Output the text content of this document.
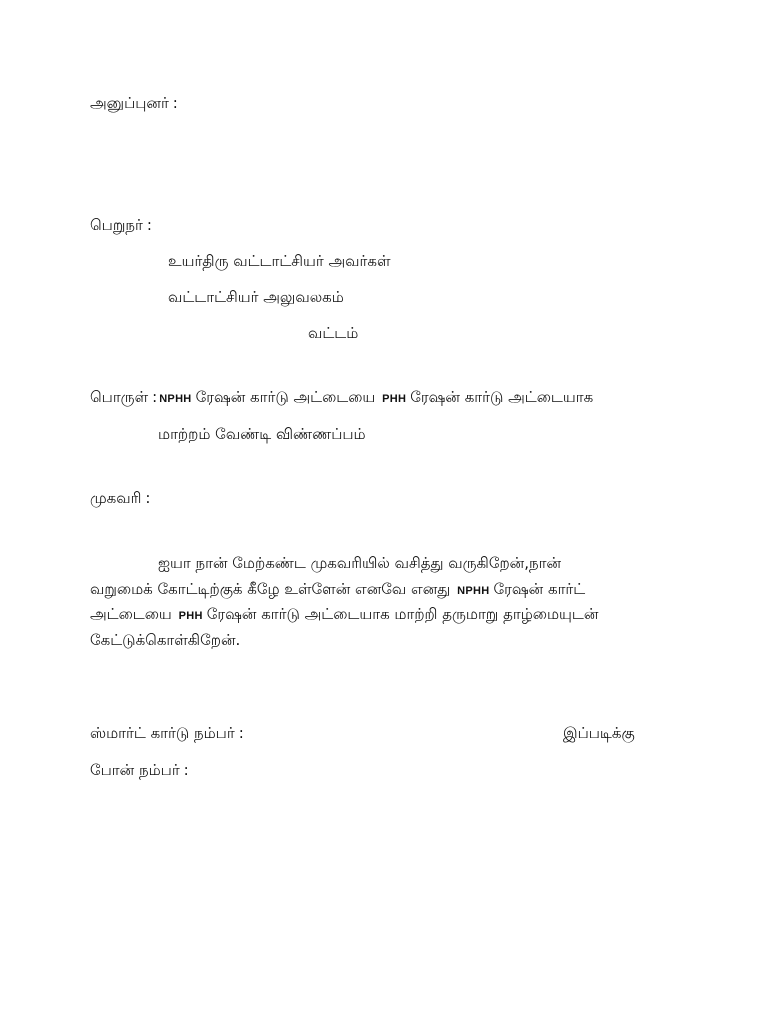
அனுப்புனர் :
பெறுநர் :
உயர்திரு வட்டாட்சியர் அவர்கள்
வட்டாட்சியர் அலுவலகம்
வட்டம்
பொருள் : NPHH ரேஷன் கார்டு அட்டையை PHH ரேஷன் கார்டு அட்டையாக
மாற்றம் வேண்டி விண்ணப்பம்
முகவரி :
ஐயா நான் மேற்கண்ட முகவரியில் வசித்து வருகிறேன்,நான்
வறுமைக் கோட்டிற்குக் கீழே உள்ளேன் எனவே எனது NPHH ரேஷன் கார்ட்
அட்டையை PHH ரேஷன் கார்டு அட்டையாக மாற்றி தருமாறு தாழ்மையுடன்
கேட்டுக்கொள்கிறேன்.
ஸ்மார்ட் கார்டு நம்பர் :	இப்படிக்கு
போன் நம்பர் :
